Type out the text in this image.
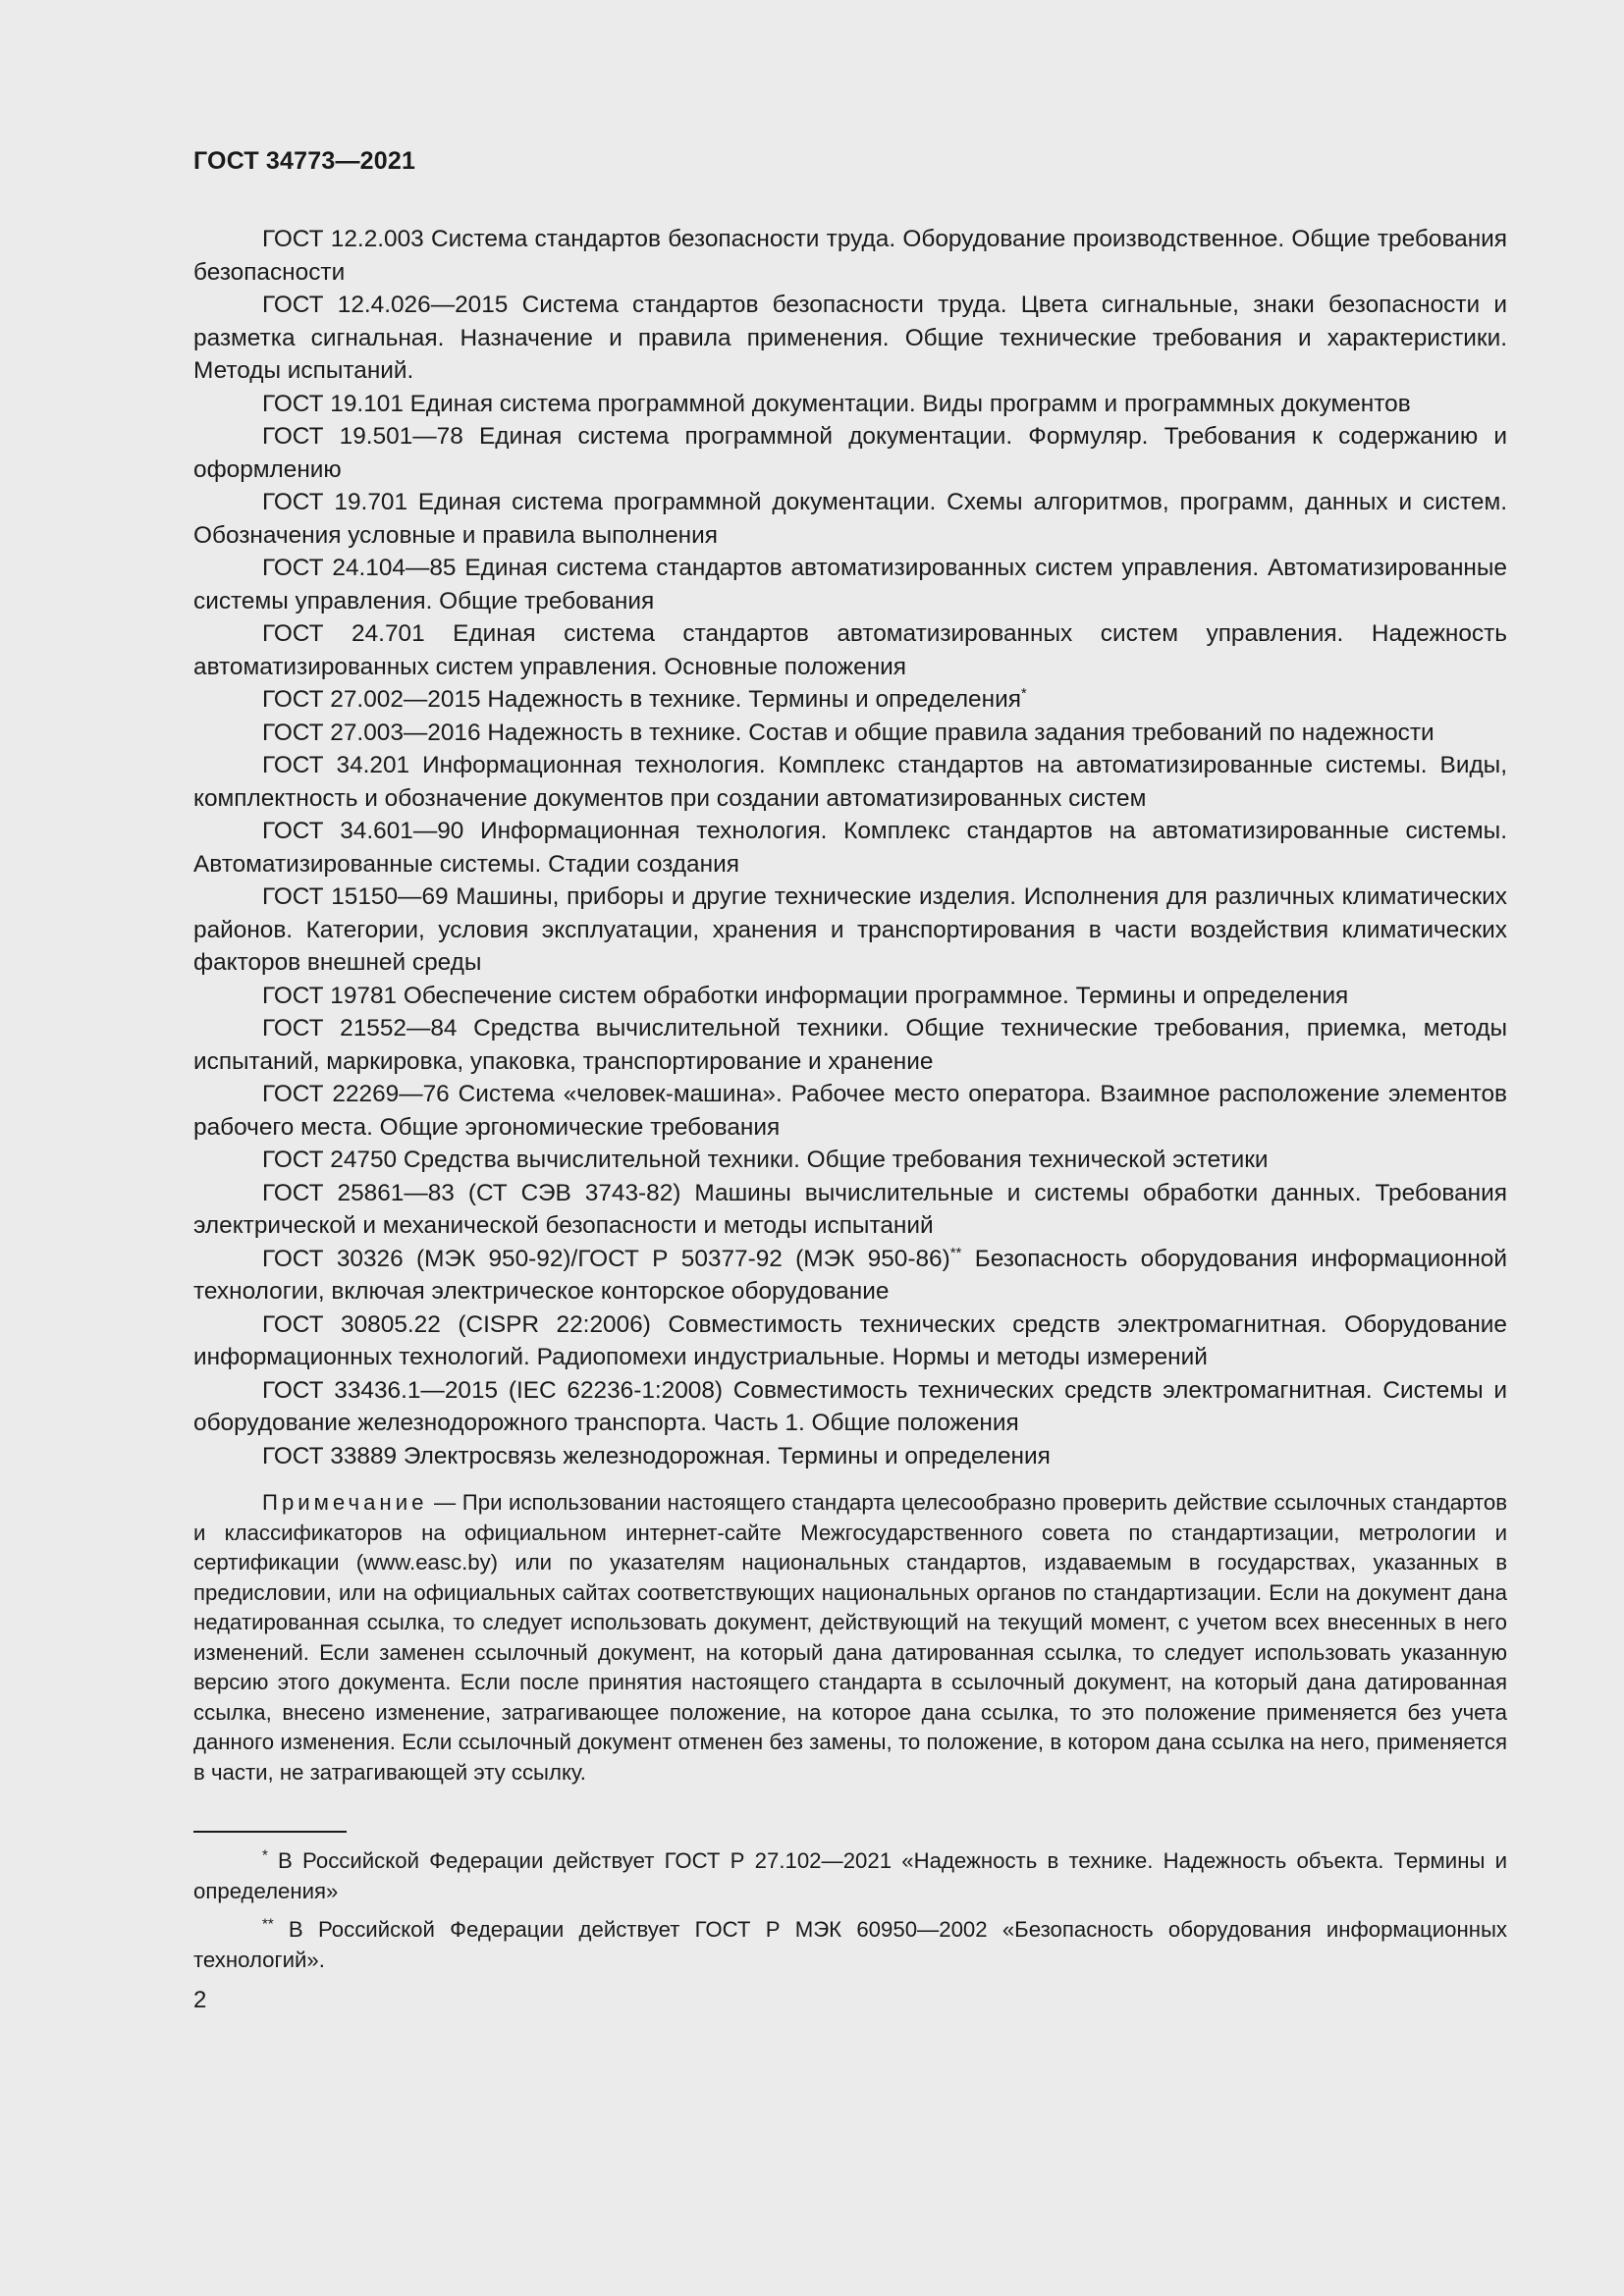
ГОСТ 34773—2021

ГОСТ 12.2.003 Система стандартов безопасности труда. Оборудование производственное. Общие требования безопасности

ГОСТ 12.4.026—2015 Система стандартов безопасности труда. Цвета сигнальные, знаки безопасности и разметка сигнальная. Назначение и правила применения. Общие технические требования и характеристики. Методы испытаний.

ГОСТ 19.101 Единая система программной документации. Виды программ и программных документов

ГОСТ 19.501—78 Единая система программной документации. Формуляр. Требования к содержанию и оформлению

ГОСТ 19.701 Единая система программной документации. Схемы алгоритмов, программ, данных и систем. Обозначения условные и правила выполнения

ГОСТ 24.104—85 Единая система стандартов автоматизированных систем управления. Автоматизированные системы управления. Общие требования

ГОСТ 24.701 Единая система стандартов автоматизированных систем управления. Надежность автоматизированных систем управления. Основные положения

ГОСТ 27.002—2015 Надежность в технике. Термины и определения*

ГОСТ 27.003—2016 Надежность в технике. Состав и общие правила задания требований по надежности

ГОСТ 34.201 Информационная технология. Комплекс стандартов на автоматизированные системы. Виды, комплектность и обозначение документов при создании автоматизированных систем

ГОСТ 34.601—90 Информационная технология. Комплекс стандартов на автоматизированные системы. Автоматизированные системы. Стадии создания

ГОСТ 15150—69 Машины, приборы и другие технические изделия. Исполнения для различных климатических районов. Категории, условия эксплуатации, хранения и транспортирования в части воздействия климатических факторов внешней среды

ГОСТ 19781 Обеспечение систем обработки информации программное. Термины и определения

ГОСТ 21552—84 Средства вычислительной техники. Общие технические требования, приемка, методы испытаний, маркировка, упаковка, транспортирование и хранение

ГОСТ 22269—76 Система «человек-машина». Рабочее место оператора. Взаимное расположение элементов рабочего места. Общие эргономические требования

ГОСТ 24750 Средства вычислительной техники. Общие требования технической эстетики

ГОСТ 25861—83 (СТ СЭВ 3743-82) Машины вычислительные и системы обработки данных. Требования электрической и механической безопасности и методы испытаний

ГОСТ 30326 (МЭК 950-92)/ГОСТ Р 50377-92 (МЭК 950-86)** Безопасность оборудования информационной технологии, включая электрическое конторское оборудование

ГОСТ 30805.22 (CISPR 22:2006) Совместимость технических средств электромагнитная. Оборудование информационных технологий. Радиопомехи индустриальные. Нормы и методы измерений

ГОСТ 33436.1—2015 (IEC 62236-1:2008) Совместимость технических средств электромагнитная. Системы и оборудование железнодорожного транспорта. Часть 1. Общие положения

ГОСТ 33889 Электросвязь железнодорожная. Термины и определения

Примечание — При использовании настоящего стандарта целесообразно проверить действие ссылочных стандартов и классификаторов на официальном интернет-сайте Межгосударственного совета по стандартизации, метрологии и сертификации (www.easc.by) или по указателям национальных стандартов, издаваемым в государствах, указанных в предисловии, или на официальных сайтах соответствующих национальных органов по стандартизации. Если на документ дана недатированная ссылка, то следует использовать документ, действующий на текущий момент, с учетом всех внесенных в него изменений. Если заменен ссылочный документ, на который дана датированная ссылка, то следует использовать указанную версию этого документа. Если после принятия настоящего стандарта в ссылочный документ, на который дана датированная ссылка, внесено изменение, затрагивающее положение, на которое дана ссылка, то это положение применяется без учета данного изменения. Если ссылочный документ отменен без замены, то положение, в котором дана ссылка на него, применяется в части, не затрагивающей эту ссылку.

* В Российской Федерации действует ГОСТ Р 27.102—2021 «Надежность в технике. Надежность объекта. Термины и определения»

** В Российской Федерации действует ГОСТ Р МЭК 60950—2002 «Безопасность оборудования информационных технологий».

2
